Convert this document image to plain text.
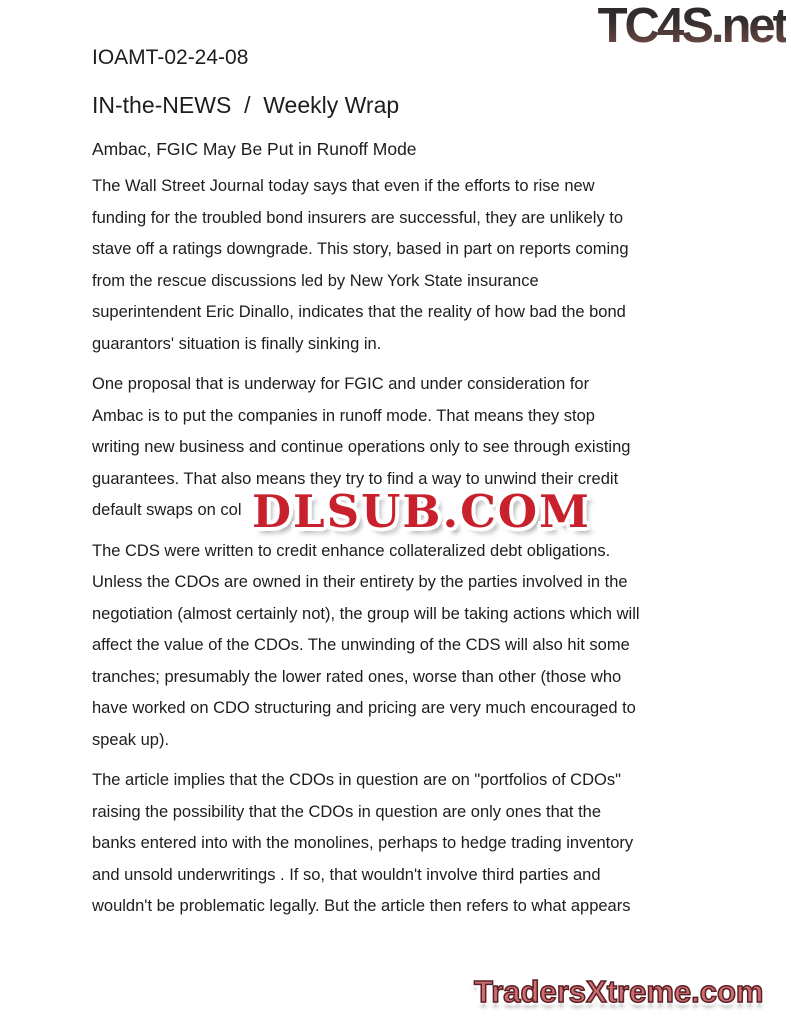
TC4S.net
IOAMT-02-24-08
IN-the-NEWS  /  Weekly Wrap
Ambac, FGIC May Be Put in Runoff Mode

The Wall Street Journal today says that even if the efforts to rise new
funding for the troubled bond insurers are successful, they are unlikely to
stave off a ratings downgrade. This story, based in part on reports coming
from the rescue discussions led by New York State insurance
superintendent Eric Dinallo, indicates that the reality of how bad the bond
guarantors' situation is finally sinking in.

One proposal that is underway for FGIC and under consideration for
Ambac is to put the companies in runoff mode. That means they stop
writing new business and continue operations only to see through existing
guarantees. That also means they try to find a way to unwind their credit
default swaps on col

The CDS were written to credit enhance collateralized debt obligations.
Unless the CDOs are owned in their entirety by the parties involved in the
negotiation (almost certainly not), the group will be taking actions which will
affect the value of the CDOs. The unwinding of the CDS will also hit some
tranches; presumably the lower rated ones, worse than other (those who
have worked on CDO structuring and pricing are very much encouraged to
speak up).

The article implies that the CDOs in question are on "portfolios of CDOs"
raising the possibility that the CDOs in question are only ones that the
banks entered into with the monolines, perhaps to hedge trading inventory
and unsold underwritings . If so, that wouldn't involve third parties and
wouldn't be problematic legally. But the article then refers to what appears

DLSUB.COM
TradersXtreme.com
